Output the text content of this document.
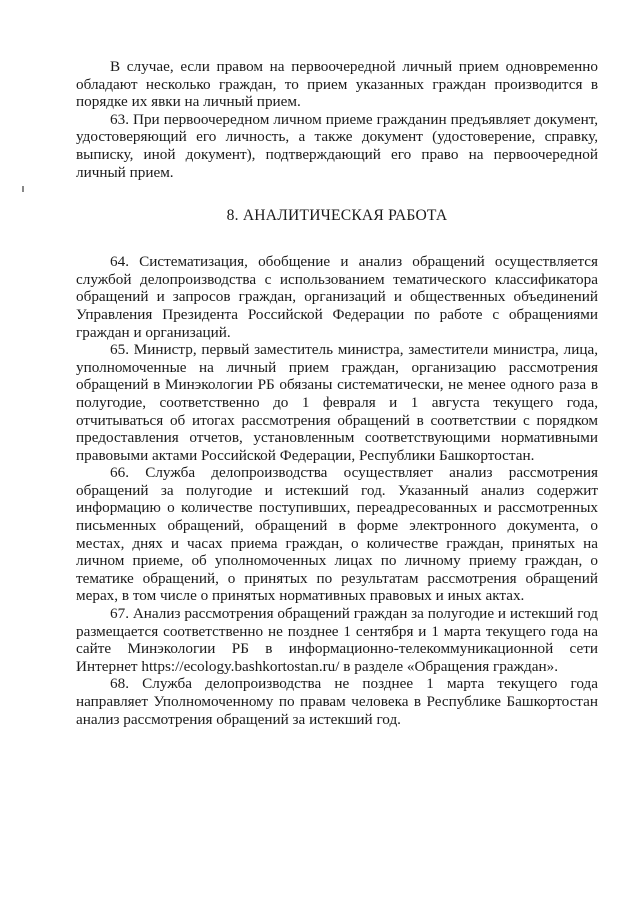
В случае, если правом на первоочередной личный прием одновременно обладают несколько граждан, то прием указанных граждан производится в порядке их явки на личный прием.

63. При первоочередном личном приеме гражданин предъявляет документ, удостоверяющий его личность, а также документ (удостоверение, справку, выписку, иной документ), подтверждающий его право на первоочередной личный прием.

8. АНАЛИТИЧЕСКАЯ РАБОТА

64. Систематизация, обобщение и анализ обращений осуществляется службой делопроизводства с использованием тематического классификатора обращений и запросов граждан, организаций и общественных объединений Управления Президента Российской Федерации по работе с обращениями граждан и организаций.

65. Министр, первый заместитель министра, заместители министра, лица, уполномоченные на личный прием граждан, организацию рассмотрения обращений в Минэкологии РБ обязаны систематически, не менее одного раза в полугодие, соответственно до 1 февраля и 1 августа текущего года, отчитываться об итогах рассмотрения обращений в соответствии с порядком предоставления отчетов, установленным соответствующими нормативными правовыми актами Российской Федерации, Республики Башкортостан.

66. Служба делопроизводства осуществляет анализ рассмотрения обращений за полугодие и истекший год. Указанный анализ содержит информацию о количестве поступивших, переадресованных и рассмотренных письменных обращений, обращений в форме электронного документа, о местах, днях и часах приема граждан, о количестве граждан, принятых на личном приеме, об уполномоченных лицах по личному приему граждан, о тематике обращений, о принятых по результатам рассмотрения обращений мерах, в том числе о принятых нормативных правовых и иных актах.

67. Анализ рассмотрения обращений граждан за полугодие и истекший год размещается соответственно не позднее 1 сентября и 1 марта текущего года на сайте Минэкологии РБ в информационно-телекоммуникационной сети Интернет https://ecology.bashkortostan.ru/ в разделе «Обращения граждан».

68. Служба делопроизводства не позднее 1 марта текущего года направляет Уполномоченному по правам человека в Республике Башкортостан анализ рассмотрения обращений за истекший год.
